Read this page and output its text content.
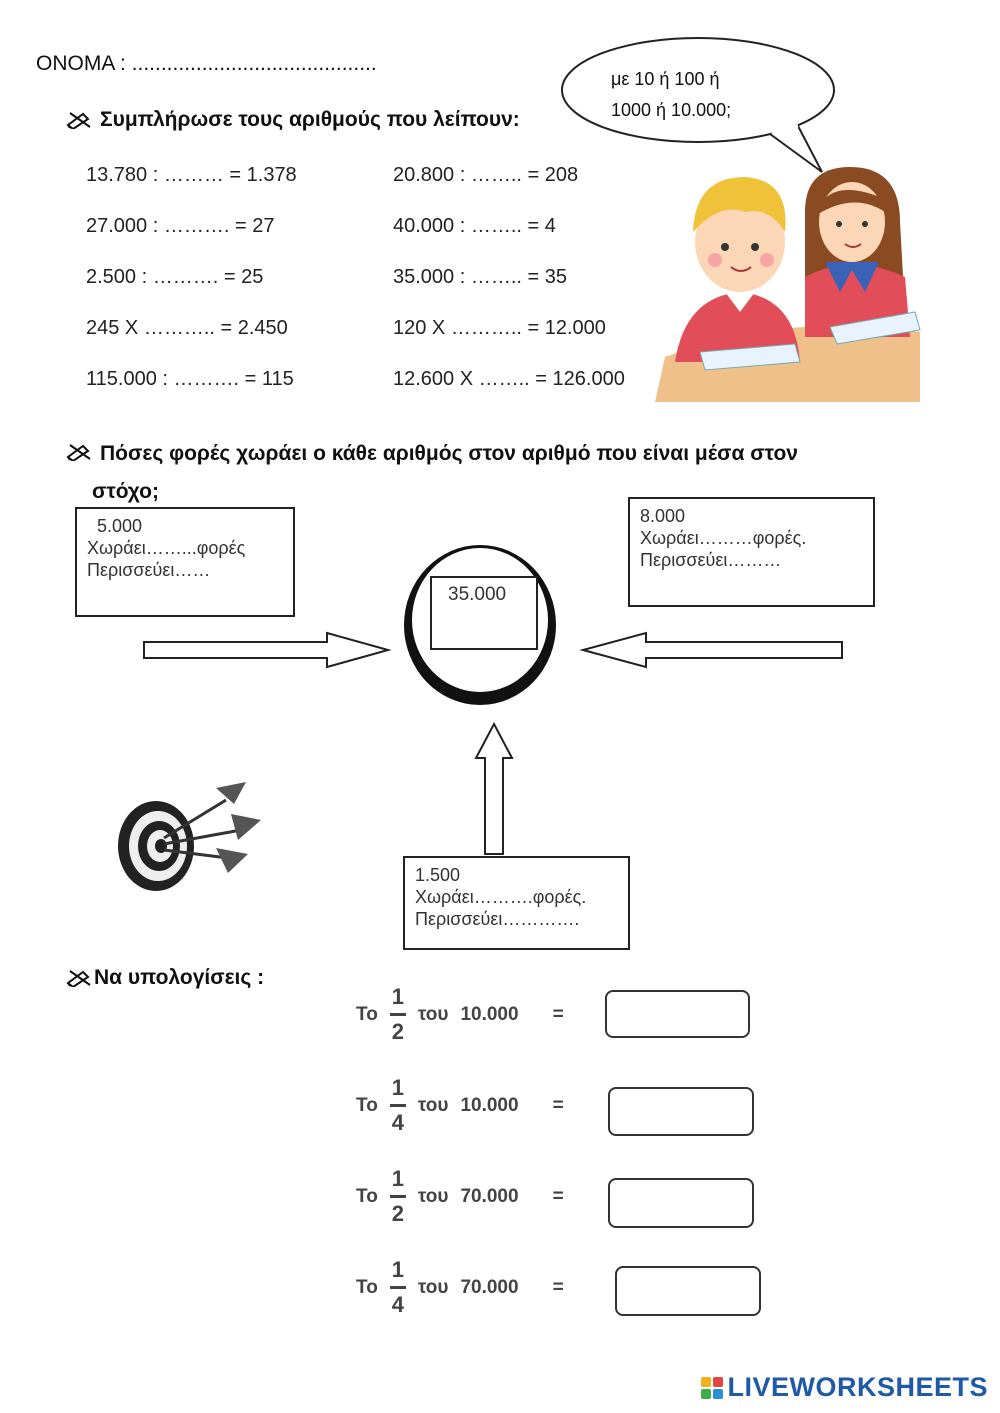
ΟΝΟΜΑ : ..........................................
με 10 ή 100 ή
1000 ή 10.000;
Συμπλήρωσε τους αριθμούς που λείπουν:
13.780 : ……… = 1.378
27.000 : ………. = 27
2.500 : ………. = 25
245 Χ ……….. = 2.450
115.000 : ………. = 115
20.800 : …….. = 208
40.000 : …….. = 4
35.000 : …….. = 35
120 Χ ……….. = 12.000
12.600 Χ …….. = 126.000
Πόσες φορές χωράει ο κάθε αριθμός στον αριθμό που είναι μέσα στον
στόχο;
35.000
5.000
Χωράει……...φορές
Περισσεύει……
8.000
Χωράει………φορές.
Περισσεύει………
1.500
Χωράει……….φορές.
Περισσεύει………….
Να υπολογίσεις :
Το $\frac{1}{2}$ του 10.000 =
Το $\frac{1}{4}$ του 10.000 =
Το $\frac{1}{2}$ του 70.000 =
Το $\frac{1}{4}$ του 70.000 =
LIVEWORKSHEETS
